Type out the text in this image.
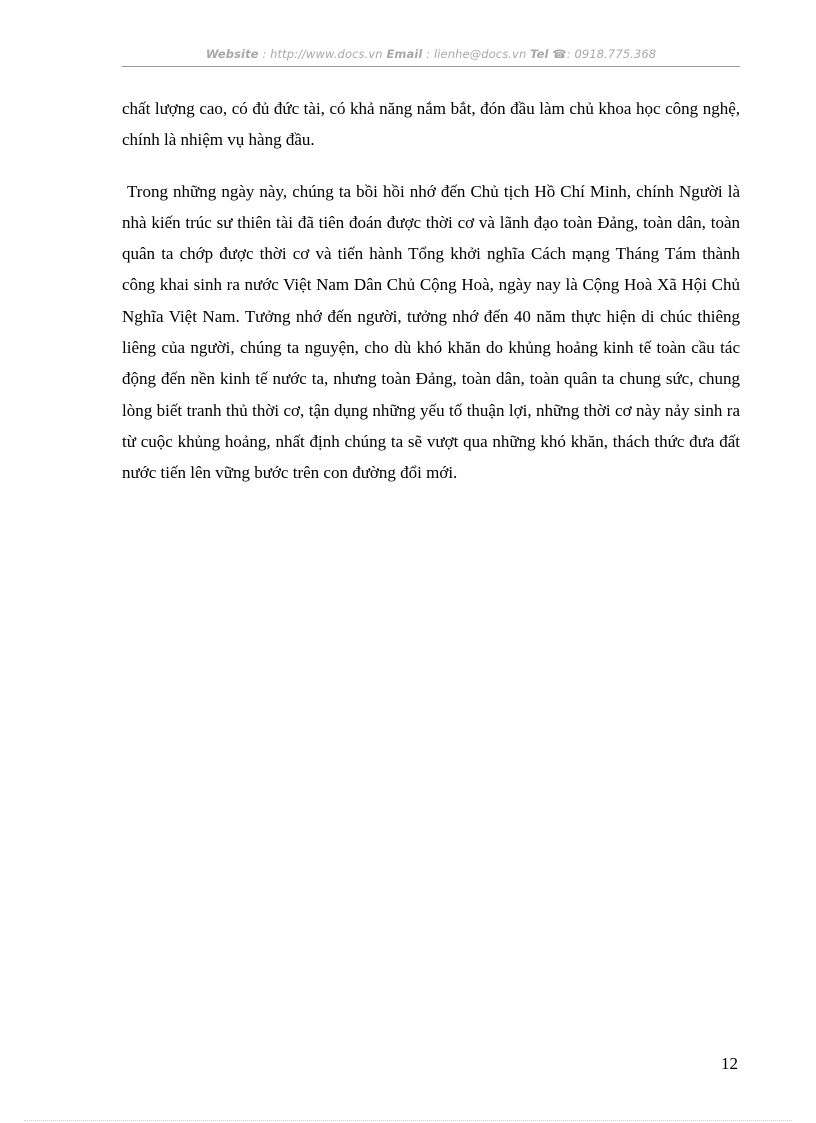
Website : http://www.docs.vn Email : lienhe@docs.vn Tel ☎: 0918.775.368

chất lượng cao, có đủ đức tài, có khả năng nắm bắt, đón đầu làm chủ khoa học công nghệ, chính là nhiệm vụ hàng đầu.

Trong những ngày này, chúng ta bồi hồi nhớ đến Chủ tịch Hồ Chí Minh, chính Người là nhà kiến trúc sư thiên tài đã tiên đoán được thời cơ và lãnh đạo toàn Đảng, toàn dân, toàn quân ta chớp được thời cơ và tiến hành Tổng khởi nghĩa Cách mạng Tháng Tám thành công khai sinh ra nước Việt Nam Dân Chủ Cộng Hoà, ngày nay là Cộng Hoà Xã Hội Chủ Nghĩa Việt Nam. Tưởng nhớ đến người, tưởng nhớ đến 40 năm thực hiện di chúc thiêng liêng của người, chúng ta nguyện, cho dù khó khăn do khủng hoảng kinh tế toàn cầu tác động đến nền kinh tế nước ta, nhưng toàn Đảng, toàn dân, toàn quân ta chung sức, chung lòng biết tranh thủ thời cơ, tận dụng những yếu tố thuận lợi, những thời cơ này nảy sinh ra từ cuộc khủng hoảng, nhất định chúng ta sẽ vượt qua những khó khăn, thách thức đưa đất nước tiến lên vững bước trên con đường đổi mới.

12
